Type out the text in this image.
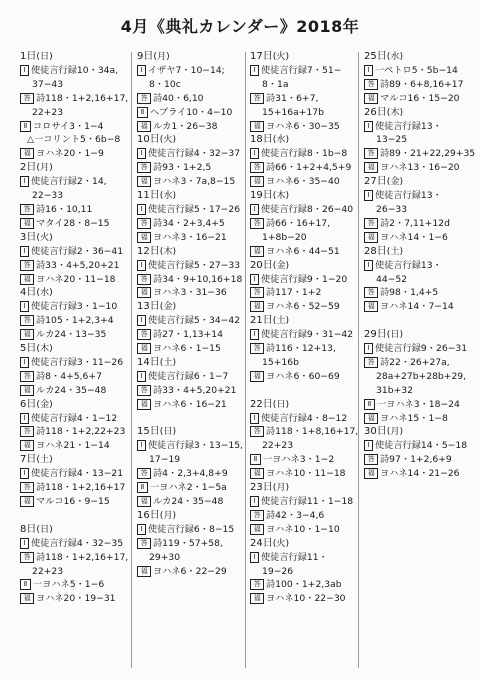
4月《典礼カレンダー》2018年
1日(日)
Ⅰ 使徒言行録10・34a,
37−43
答 詩118・1+2,16+17,
22+23
Ⅱ コロサイ3・1−4
△一コリント5・6b−8
福 ヨハネ20・1−9
2日(月)
Ⅰ 使徒言行録2・14,
22−33
答 詩16・10,11
福 マタイ28・8−15
3日(火)
Ⅰ 使徒言行録2・36−41
答 詩33・4+5,20+21
福 ヨハネ20・11−18
4日(水)
Ⅰ 使徒言行録3・1−10
答 詩105・1+2,3+4
福 ルカ24・13−35
5日(木)
Ⅰ 使徒言行録3・11−26
答 詩8・4+5,6+7
福 ルカ24・35−48
6日(金)
Ⅰ 使徒言行録4・1−12
答 詩118・1+2,22+23
福 ヨハネ21・1−14
7日(土)
Ⅰ 使徒言行録4・13−21
答 詩118・1+2,16+17
福 マルコ16・9−15
8日(日)
Ⅰ 使徒言行録4・32−35
答 詩118・1+2,16+17,
22+23
Ⅱ 一ヨハネ5・1−6
福 ヨハネ20・19−31
9日(月)
Ⅰ イザヤ7・10−14;
8・10c
答 詩40・6,10
Ⅱ ヘブライ10・4−10
福 ルカ1・26−38
10日(火)
Ⅰ 使徒言行録4・32−37
答 詩93・1+2,5
福 ヨハネ3・7a,8−15
11日(水)
Ⅰ 使徒言行録5・17−26
答 詩34・2+3,4+5
福 ヨハネ3・16−21
12日(木)
Ⅰ 使徒言行録5・27−33
答 詩34・9+10,16+18
福 ヨハネ3・31−36
13日(金)
Ⅰ 使徒言行録5・34−42
答 詩27・1,13+14
福 ヨハネ6・1−15
14日(土)
Ⅰ 使徒言行録6・1−7
答 詩33・4+5,20+21
福 ヨハネ6・16−21
15日(日)
Ⅰ 使徒言行録3・13−15,
17−19
答 詩4・2,3+4,8+9
Ⅱ 一ヨハネ2・1−5a
福 ルカ24・35−48
16日(月)
Ⅰ 使徒言行録6・8−15
答 詩119・57+58,
29+30
福 ヨハネ6・22−29
17日(火)
Ⅰ 使徒言行録7・51−
8・1a
答 詩31・6+7,
15+16a+17b
福 ヨハネ6・30−35
18日(水)
Ⅰ 使徒言行録8・1b−8
答 詩66・1+2+4,5+9
福 ヨハネ6・35−40
19日(木)
Ⅰ 使徒言行録8・26−40
答 詩66・16+17,
1+8b−20
福 ヨハネ6・44−51
20日(金)
Ⅰ 使徒言行録9・1−20
答 詩117・1+2
福 ヨハネ6・52−59
21日(土)
Ⅰ 使徒言行録9・31−42
答 詩116・12+13,
15+16b
福 ヨハネ6・60−69
22日(日)
Ⅰ 使徒言行録4・8−12
答 詩118・1+8,16+17,
22+23
Ⅱ 一ヨハネ3・1−2
福 ヨハネ10・11−18
23日(月)
Ⅰ 使徒言行録11・1−18
答 詩42・3−4,6
福 ヨハネ10・1−10
24日(火)
Ⅰ 使徒言行録11・
19−26
答 詩100・1+2,3ab
福 ヨハネ10・22−30
25日(水)
Ⅰ 一ペトロ5・5b−14
答 詩89・6+8,16+17
福 マルコ16・15−20
26日(木)
Ⅰ 使徒言行録13・
13−25
答 詩89・21+22,29+35
福 ヨハネ13・16−20
27日(金)
Ⅰ 使徒言行録13・
26−33
答 詩2・7,11+12d
福 ヨハネ14・1−6
28日(土)
Ⅰ 使徒言行録13・
44−52
答 詩98・1,4+5
福 ヨハネ14・7−14
29日(日)
Ⅰ 使徒言行録9・26−31
答 詩22・26+27a,
28a+27b+28b+29,
31b+32
Ⅱ 一ヨハネ3・18−24
福 ヨハネ15・1−8
30日(月)
Ⅰ 使徒言行録14・5−18
答 詩97・1+2,6+9
福 ヨハネ14・21−26
